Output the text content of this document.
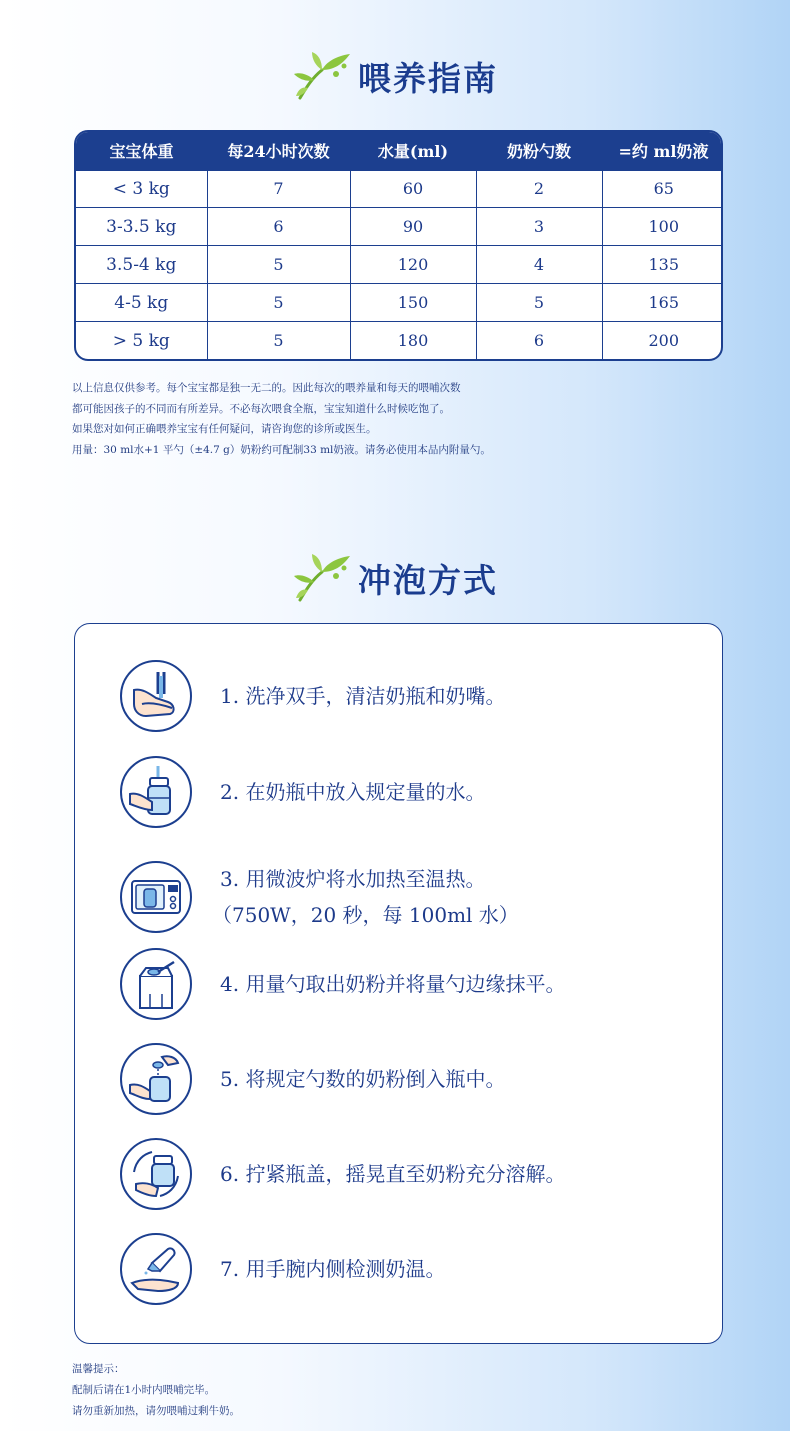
喂养指南
宝宝体重	每24小时次数	水量(ml)	奶粉勺数	=约 ml奶液
< 3 kg	7	60	2	65
3-3.5 kg	6	90	3	100
3.5-4 kg	5	120	4	135
4-5 kg	5	150	5	165
> 5 kg	5	180	6	200
以上信息仅供参考。每个宝宝都是独一无二的。因此每次的喂养量和每天的喂哺次数
都可能因孩子的不同而有所差异。不必每次喂食全瓶，宝宝知道什么时候吃饱了。
如果您对如何正确喂养宝宝有任何疑问，请咨询您的诊所或医生。
用量：30 ml水+1 平勺（±4.7 g）奶粉约可配制33 ml奶液。请务必使用本品内附量勺。
冲泡方式
1. 洗净双手，清洁奶瓶和奶嘴。
2. 在奶瓶中放入规定量的水。
3. 用微波炉将水加热至温热。
（750W，20 秒，每 100ml 水）
4. 用量勺取出奶粉并将量勺边缘抹平。
5. 将规定勺数的奶粉倒入瓶中。
6. 拧紧瓶盖，摇晃直至奶粉充分溶解。
7. 用手腕内侧检测奶温。
温馨提示：
配制后请在1小时内喂哺完毕。
请勿重新加热，请勿喂哺过剩牛奶。
